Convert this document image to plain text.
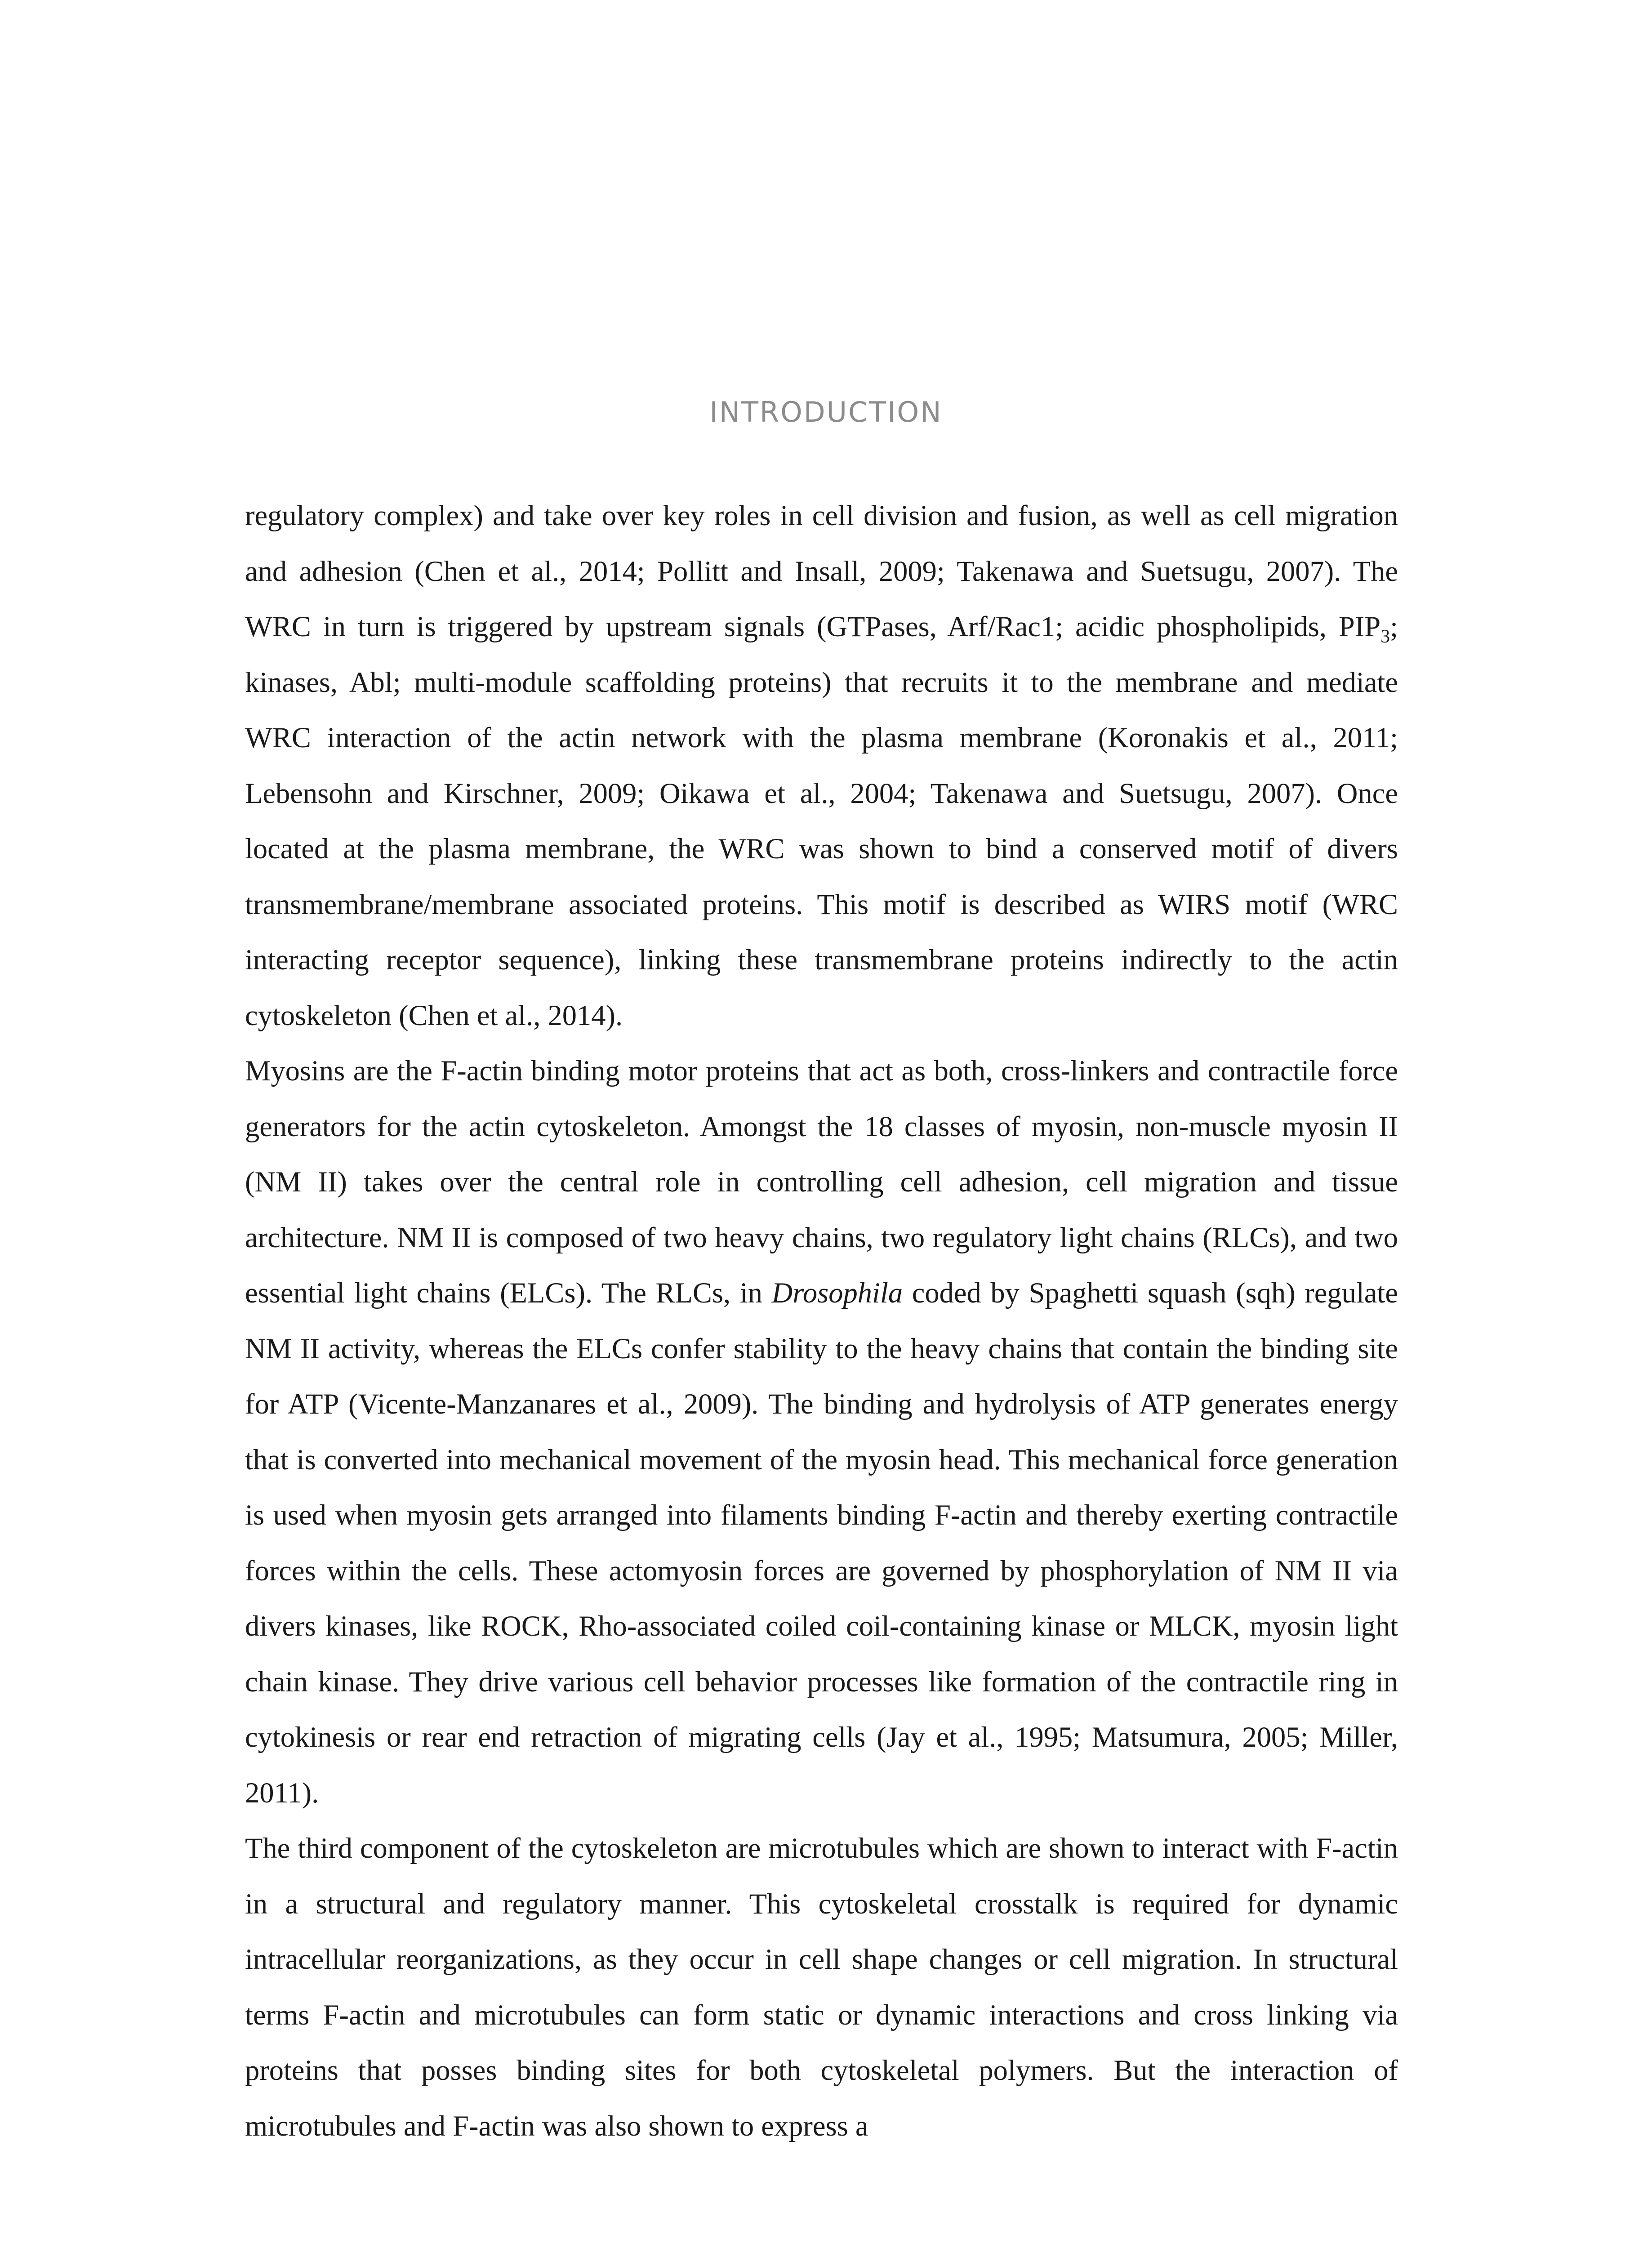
INTRODUCTION

regulatory complex) and take over key roles in cell division and fusion, as well as cell migration and adhesion (Chen et al., 2014; Pollitt and Insall, 2009; Takenawa and Suetsugu, 2007). The WRC in turn is triggered by upstream signals (GTPases, Arf/Rac1; acidic phospholipids, $PIP_3$; kinases, Abl; multi-module scaffolding proteins) that recruits it to the membrane and mediate WRC interaction of the actin network with the plasma membrane (Koronakis et al., 2011; Lebensohn and Kirschner, 2009; Oikawa et al., 2004; Takenawa and Suetsugu, 2007). Once located at the plasma membrane, the WRC was shown to bind a conserved motif of divers transmembrane/membrane associated proteins. This motif is described as WIRS motif (WRC interacting receptor sequence), linking these transmembrane proteins indirectly to the actin cytoskeleton (Chen et al., 2014).

Myosins are the F-actin binding motor proteins that act as both, cross-linkers and contractile force generators for the actin cytoskeleton. Amongst the 18 classes of myosin, non-muscle myosin II (NM II) takes over the central role in controlling cell adhesion, cell migration and tissue architecture. NM II is composed of two heavy chains, two regulatory light chains (RLCs), and two essential light chains (ELCs). The RLCs, in Drosophila coded by Spaghetti squash (sqh) regulate NM II activity, whereas the ELCs confer stability to the heavy chains that contain the binding site for ATP (Vicente-Manzanares et al., 2009). The binding and hydrolysis of ATP generates energy that is converted into mechanical movement of the myosin head. This mechanical force generation is used when myosin gets arranged into filaments binding F-actin and thereby exerting contractile forces within the cells. These actomyosin forces are governed by phosphorylation of NM II via divers kinases, like ROCK, Rho-associated coiled coil-containing kinase or MLCK, myosin light chain kinase. They drive various cell behavior processes like formation of the contractile ring in cytokinesis or rear end retraction of migrating cells (Jay et al., 1995; Matsumura, 2005; Miller, 2011).

The third component of the cytoskeleton are microtubules which are shown to interact with F-actin in a structural and regulatory manner. This cytoskeletal crosstalk is required for dynamic intracellular reorganizations, as they occur in cell shape changes or cell migration. In structural terms F-actin and microtubules can form static or dynamic interactions and cross linking via proteins that posses binding sites for both cytoskeletal polymers. But the interaction of microtubules and F-actin was also shown to express a
